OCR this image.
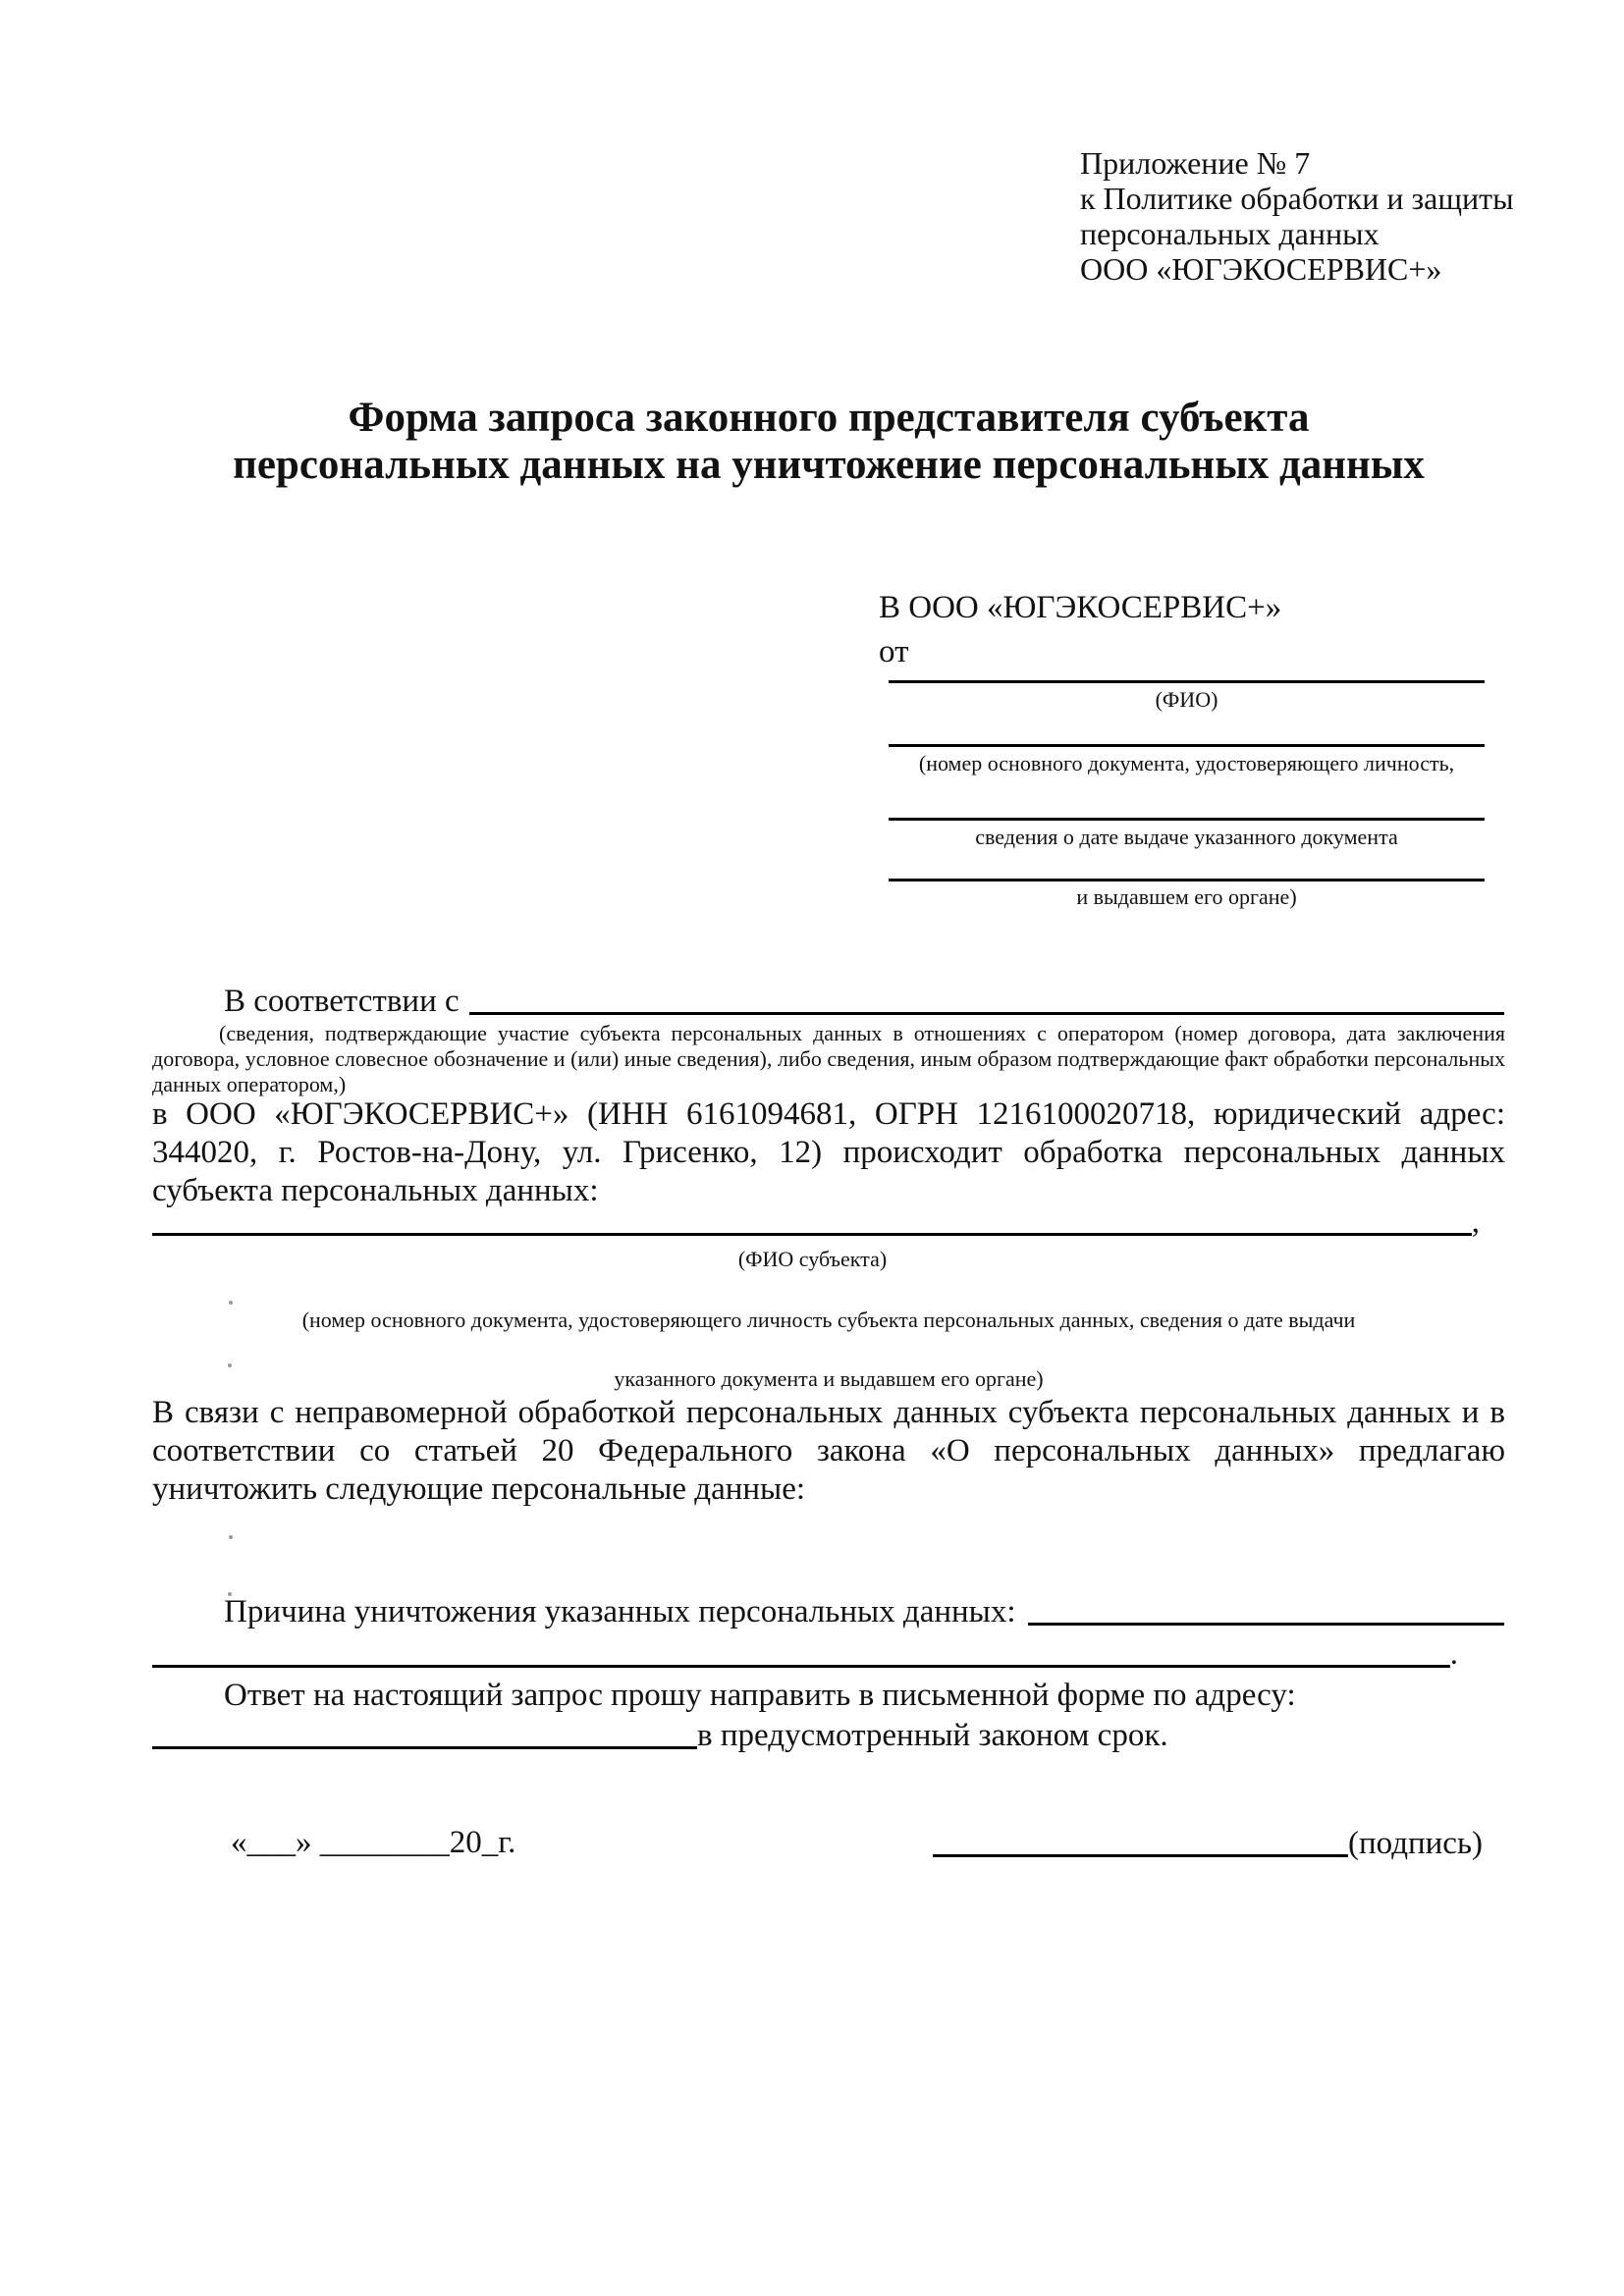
Приложение № 7
к Политике обработки и защиты
персональных данных
ООО «ЮГЭКОСЕРВИС+»
Форма запроса законного представителя субъекта
персональных данных на уничтожение персональных данных
В ООО «ЮГЭКОСЕРВИС+»
от
(ФИО)
(номер основного документа, удостоверяющего личность,
сведения о дате выдаче указанного документа
и выдавшем его органе)
В соответствии с
(сведения, подтверждающие участие субъекта персональных данных в отношениях с оператором (номер договора, дата заключения договора, условное словесное обозначение и (или) иные сведения), либо сведения, иным образом подтверждающие факт обработки персональных данных оператором,)
в ООО «ЮГЭКОСЕРВИС+» (ИНН 6161094681, ОГРН 1216100020718, юридический адрес: 344020, г. Ростов-на-Дону, ул. Грисенко, 12) происходит обработка персональных данных субъекта персональных данных:
,
(ФИО субъекта)
(номер основного документа, удостоверяющего личность субъекта персональных данных, сведения о дате выдачи
указанного документа и выдавшем его органе)
В связи с неправомерной обработкой персональных данных субъекта персональных данных и в соответствии со статьей 20 Федерального закона «О персональных данных» предлагаю уничтожить следующие персональные данные:
Причина уничтожения указанных персональных данных:
.
Ответ на настоящий запрос прошу направить в письменной форме по адресу:
в предусмотренный законом срок.
«___» ________20_г.	(подпись)
